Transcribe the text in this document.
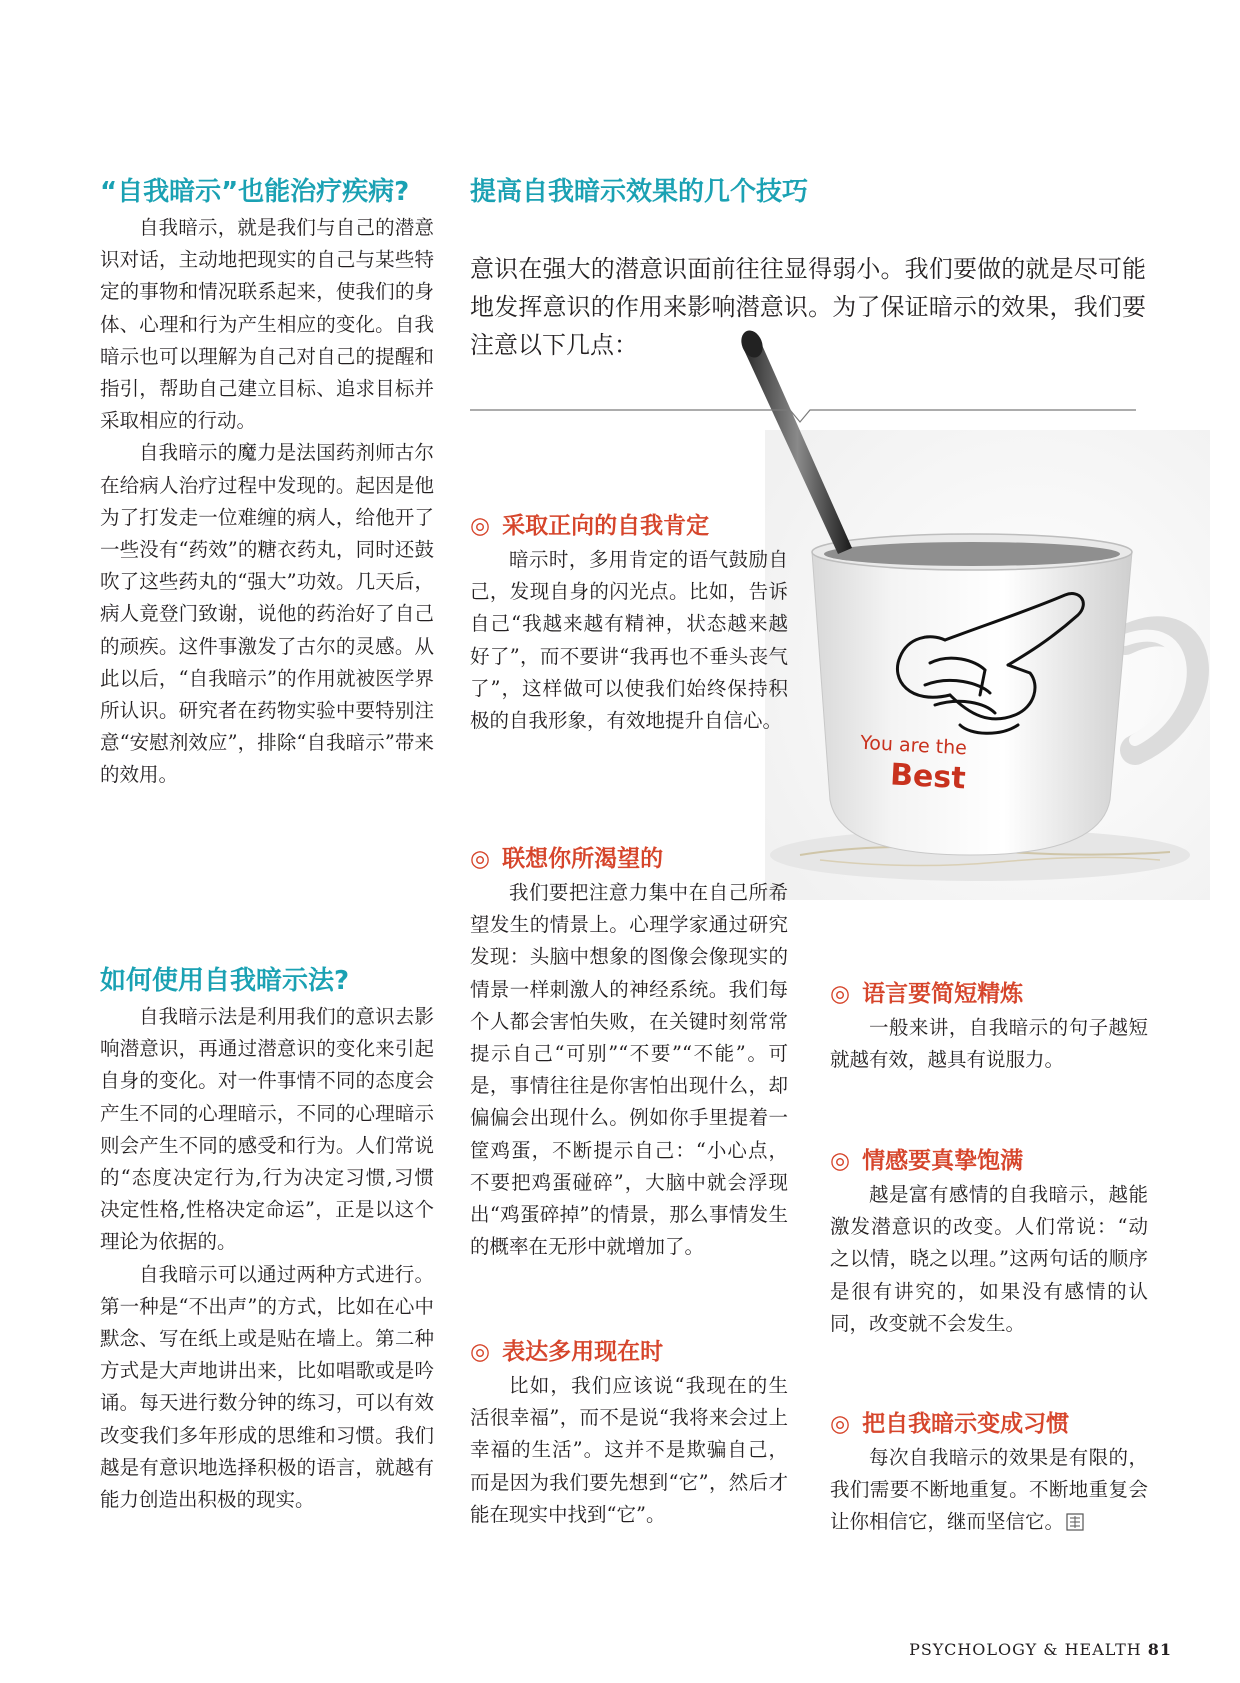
“自我暗示”也能治疗疾病?

自我暗示，就是我们与自己的潜意识对话，主动地把现实的自己与某些特定的事物和情况联系起来，使我们的身体、心理和行为产生相应的变化。自我暗示也可以理解为自己对自己的提醒和指引，帮助自己建立目标、追求目标并采取相应的行动。

自我暗示的魔力是法国药剂师古尔在给病人治疗过程中发现的。起因是他为了打发走一位难缠的病人，给他开了一些没有“药效”的糖衣药丸，同时还鼓吹了这些药丸的“强大”功效。几天后，病人竟登门致谢，说他的药治好了自己的顽疾。这件事激发了古尔的灵感。从此以后，“自我暗示”的作用就被医学界所认识。研究者在药物实验中要特别注意“安慰剂效应”，排除“自我暗示”带来的效用。

如何使用自我暗示法?

自我暗示法是利用我们的意识去影响潜意识，再通过潜意识的变化来引起自身的变化。对一件事情不同的态度会产生不同的心理暗示，不同的心理暗示则会产生不同的感受和行为。人们常说的“态度决定行为,行为决定习惯,习惯决定性格,性格决定命运”，正是以这个理论为依据的。

自我暗示可以通过两种方式进行。第一种是“不出声”的方式，比如在心中默念、写在纸上或是贴在墙上。第二种方式是大声地讲出来，比如唱歌或是吟诵。每天进行数分钟的练习，可以有效改变我们多年形成的思维和习惯。我们越是有意识地选择积极的语言，就越有能力创造出积极的现实。

提高自我暗示效果的几个技巧
意识在强大的潜意识面前往往显得弱小。我们要做的就是尽可能地发挥意识的作用来影响潜意识。为了保证暗示的效果，我们要注意以下几点：
You are the
Best
◎ 采取正向的自我肯定

暗示时，多用肯定的语气鼓励自己，发现自身的闪光点。比如，告诉自己“我越来越有精神，状态越来越好了”，而不要讲“我再也不垂头丧气了”，这样做可以使我们始终保持积极的自我形象，有效地提升自信心。

◎ 联想你所渴望的

我们要把注意力集中在自己所希望发生的情景上。心理学家通过研究发现：头脑中想象的图像会像现实的情景一样刺激人的神经系统。我们每个人都会害怕失败，在关键时刻常常提示自己“可别”“不要”“不能”。可是，事情往往是你害怕出现什么，却偏偏会出现什么。例如你手里提着一筐鸡蛋，不断提示自己：“小心点，不要把鸡蛋碰碎”，大脑中就会浮现出“鸡蛋碎掉”的情景，那么事情发生的概率在无形中就增加了。

◎ 表达多用现在时

比如，我们应该说“我现在的生活很幸福”，而不是说“我将来会过上幸福的生活”。这并不是欺骗自己，而是因为我们要先想到“它”，然后才能在现实中找到“它”。

◎ 语言要简短精炼

一般来讲，自我暗示的句子越短就越有效，越具有说服力。

◎ 情感要真挚饱满

越是富有感情的自我暗示，越能激发潜意识的改变。人们常说：“动之以情，晓之以理。”这两句话的顺序是很有讲究的，如果没有感情的认同，改变就不会发生。

◎ 把自我暗示变成习惯

每次自我暗示的效果是有限的，我们需要不断地重复。不断地重复会让你相信它，继而坚信它。

PSYCHOLOGY & HEALTH 81
